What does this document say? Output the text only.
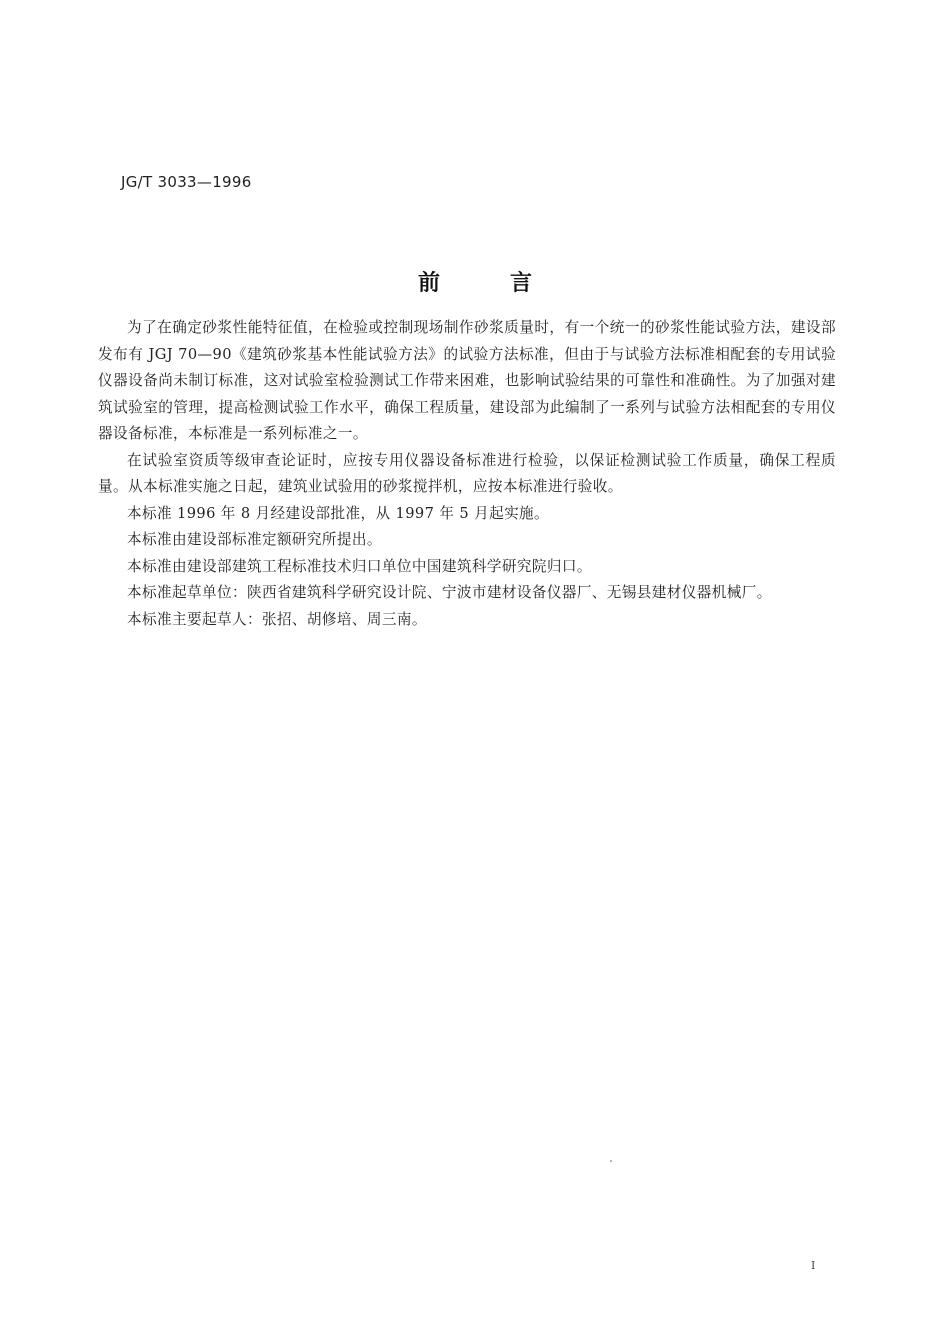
JG/T 3033—1996
前言

为了在确定砂浆性能特征值，在检验或控制现场制作砂浆质量时，有一个统一的砂浆性能试验方法，建设部发布有 JGJ 70—90《建筑砂浆基本性能试验方法》的试验方法标准，但由于与试验方法标准相配套的专用试验仪器设备尚未制订标准，这对试验室检验测试工作带来困难，也影响试验结果的可靠性和准确性。为了加强对建筑试验室的管理，提高检测试验工作水平，确保工程质量，建设部为此编制了一系列与试验方法相配套的专用仪器设备标准，本标准是一系列标准之一。

在试验室资质等级审查论证时，应按专用仪器设备标准进行检验，以保证检测试验工作质量，确保工程质量。从本标准实施之日起，建筑业试验用的砂浆搅拌机，应按本标准进行验收。

本标准 1996 年 8 月经建设部批准，从 1997 年 5 月起实施。

本标准由建设部标准定额研究所提出。

本标准由建设部建筑工程标准技术归口单位中国建筑科学研究院归口。

本标准起草单位：陕西省建筑科学研究设计院、宁波市建材设备仪器厂、无锡县建材仪器机械厂。

本标准主要起草人：张招、胡修培、周三南。

I
